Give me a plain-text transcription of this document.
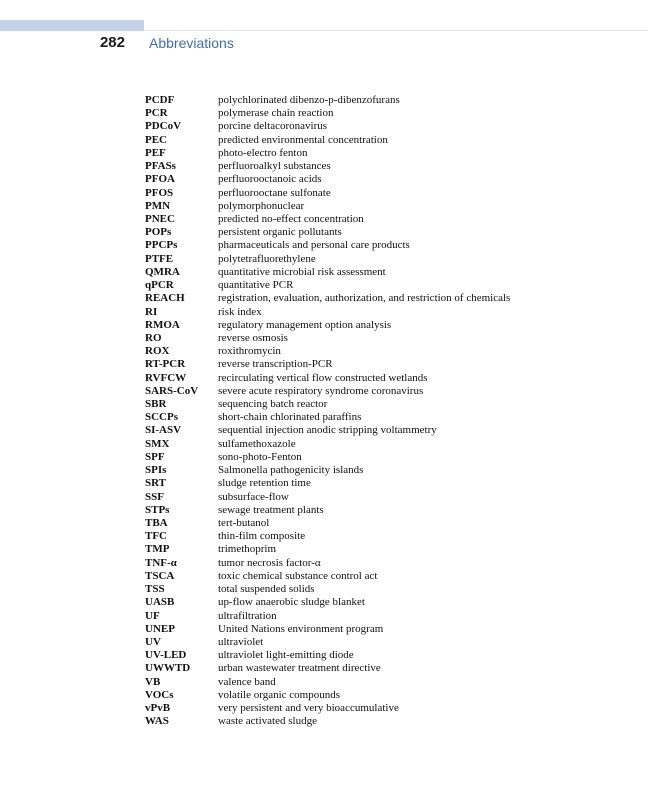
282 Abbreviations
PCDF	polychlorinated dibenzo-p-dibenzofurans
PCR	polymerase chain reaction
PDCoV	porcine deltacoronavirus
PEC	predicted environmental concentration
PEF	photo-electro fenton
PFASs	perfluoroalkyl substances
PFOA	perfluorooctanoic acids
PFOS	perfluorooctane sulfonate
PMN	polymorphonuclear
PNEC	predicted no-effect concentration
POPs	persistent organic pollutants
PPCPs	pharmaceuticals and personal care products
PTFE	polytetrafluorethylene
QMRA	quantitative microbial risk assessment
qPCR	quantitative PCR
REACH	registration, evaluation, authorization, and restriction of chemicals
RI	risk index
RMOA	regulatory management option analysis
RO	reverse osmosis
ROX	roxithromycin
RT-PCR	reverse transcription-PCR
RVFCW	recirculating vertical flow constructed wetlands
SARS-CoV	severe acute respiratory syndrome coronavirus
SBR	sequencing batch reactor
SCCPs	short-chain chlorinated paraffins
SI-ASV	sequential injection anodic stripping voltammetry
SMX	sulfamethoxazole
SPF	sono-photo-Fenton
SPIs	Salmonella pathogenicity islands
SRT	sludge retention time
SSF	subsurface-flow
STPs	sewage treatment plants
TBA	tert-butanol
TFC	thin-film composite
TMP	trimethoprim
TNF-α	tumor necrosis factor-α
TSCA	toxic chemical substance control act
TSS	total suspended solids
UASB	up-flow anaerobic sludge blanket
UF	ultrafiltration
UNEP	United Nations environment program
UV	ultraviolet
UV-LED	ultraviolet light-emitting diode
UWWTD	urban wastewater treatment directive
VB	valence band
VOCs	volatile organic compounds
vPvB	very persistent and very bioaccumulative
WAS	waste activated sludge
